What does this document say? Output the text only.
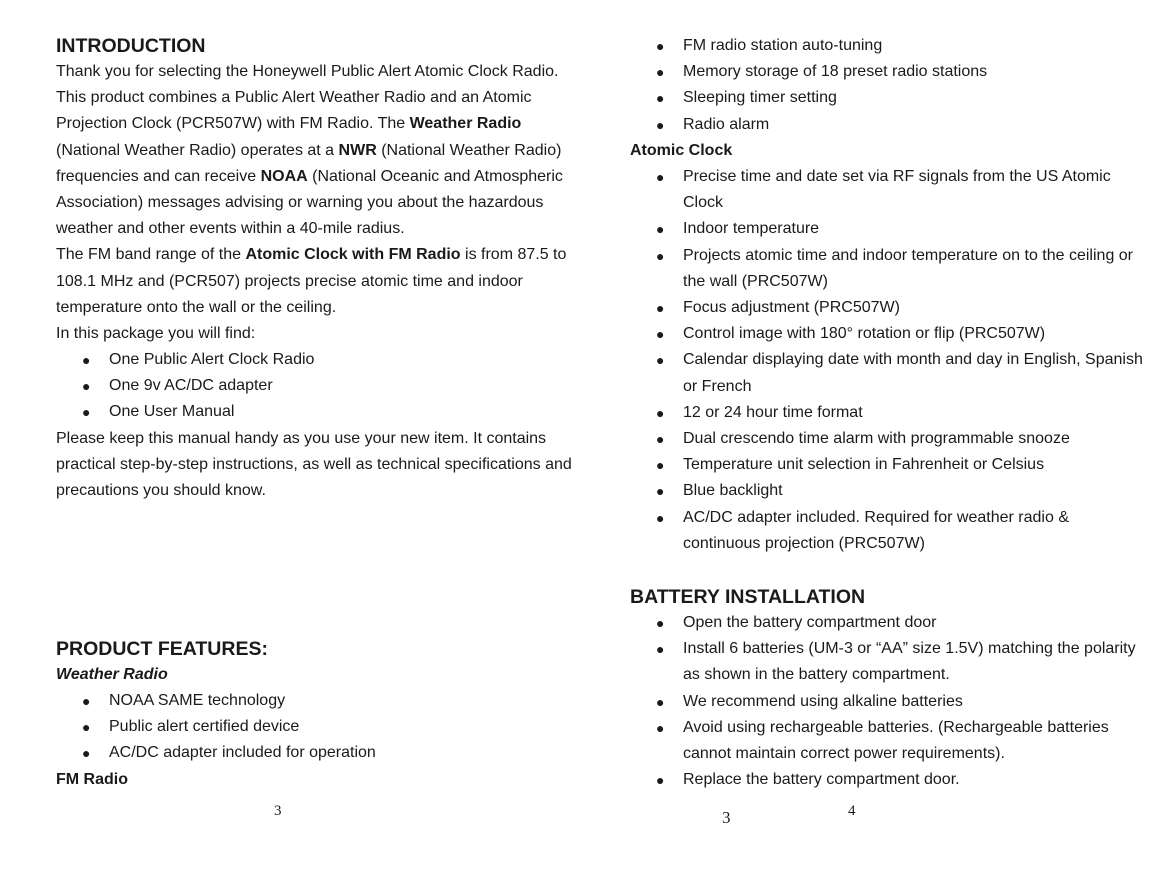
INTRODUCTION
Thank you for selecting the Honeywell Public Alert Atomic Clock Radio.
This product combines a Public Alert Weather Radio and an Atomic
Projection Clock (PCR507W) with FM Radio. The Weather Radio
(National Weather Radio) operates at a NWR (National Weather Radio)
frequencies and can receive NOAA (National Oceanic and Atmospheric
Association) messages advising or warning you about the hazardous
weather and other events within a 40-mile radius.
The FM band range of the Atomic Clock with FM Radio is from 87.5 to
108.1 MHz and (PCR507) projects precise atomic time and indoor
temperature onto the wall or the ceiling.
In this package you will find:
● One Public Alert Clock Radio
● One 9v AC/DC adapter
● One User Manual
Please keep this manual handy as you use your new item. It contains
practical step-by-step instructions, as well as technical specifications and
precautions you should know.
PRODUCT FEATURES:
Weather Radio
● NOAA SAME technology
● Public alert certified device
● AC/DC adapter included for operation
FM Radio
3
● FM radio station auto-tuning
● Memory storage of 18 preset radio stations
● Sleeping timer setting
● Radio alarm
Atomic Clock
● Precise time and date set via RF signals from the US Atomic
Clock
● Indoor temperature
● Projects atomic time and indoor temperature on to the ceiling or
the wall (PRC507W)
● Focus adjustment (PRC507W)
● Control image with 180° rotation or flip (PRC507W)
● Calendar displaying date with month and day in English, Spanish
or French
● 12 or 24 hour time format
● Dual crescendo time alarm with programmable snooze
● Temperature unit selection in Fahrenheit or Celsius
● Blue backlight
● AC/DC adapter included. Required for weather radio &
continuous projection (PRC507W)
BATTERY INSTALLATION
● Open the battery compartment door
● Install 6 batteries (UM-3 or “AA” size 1.5V) matching the polarity
as shown in the battery compartment.
● We recommend using alkaline batteries
● Avoid using rechargeable batteries. (Rechargeable batteries
cannot maintain correct power requirements).
● Replace the battery compartment door.
3	4
